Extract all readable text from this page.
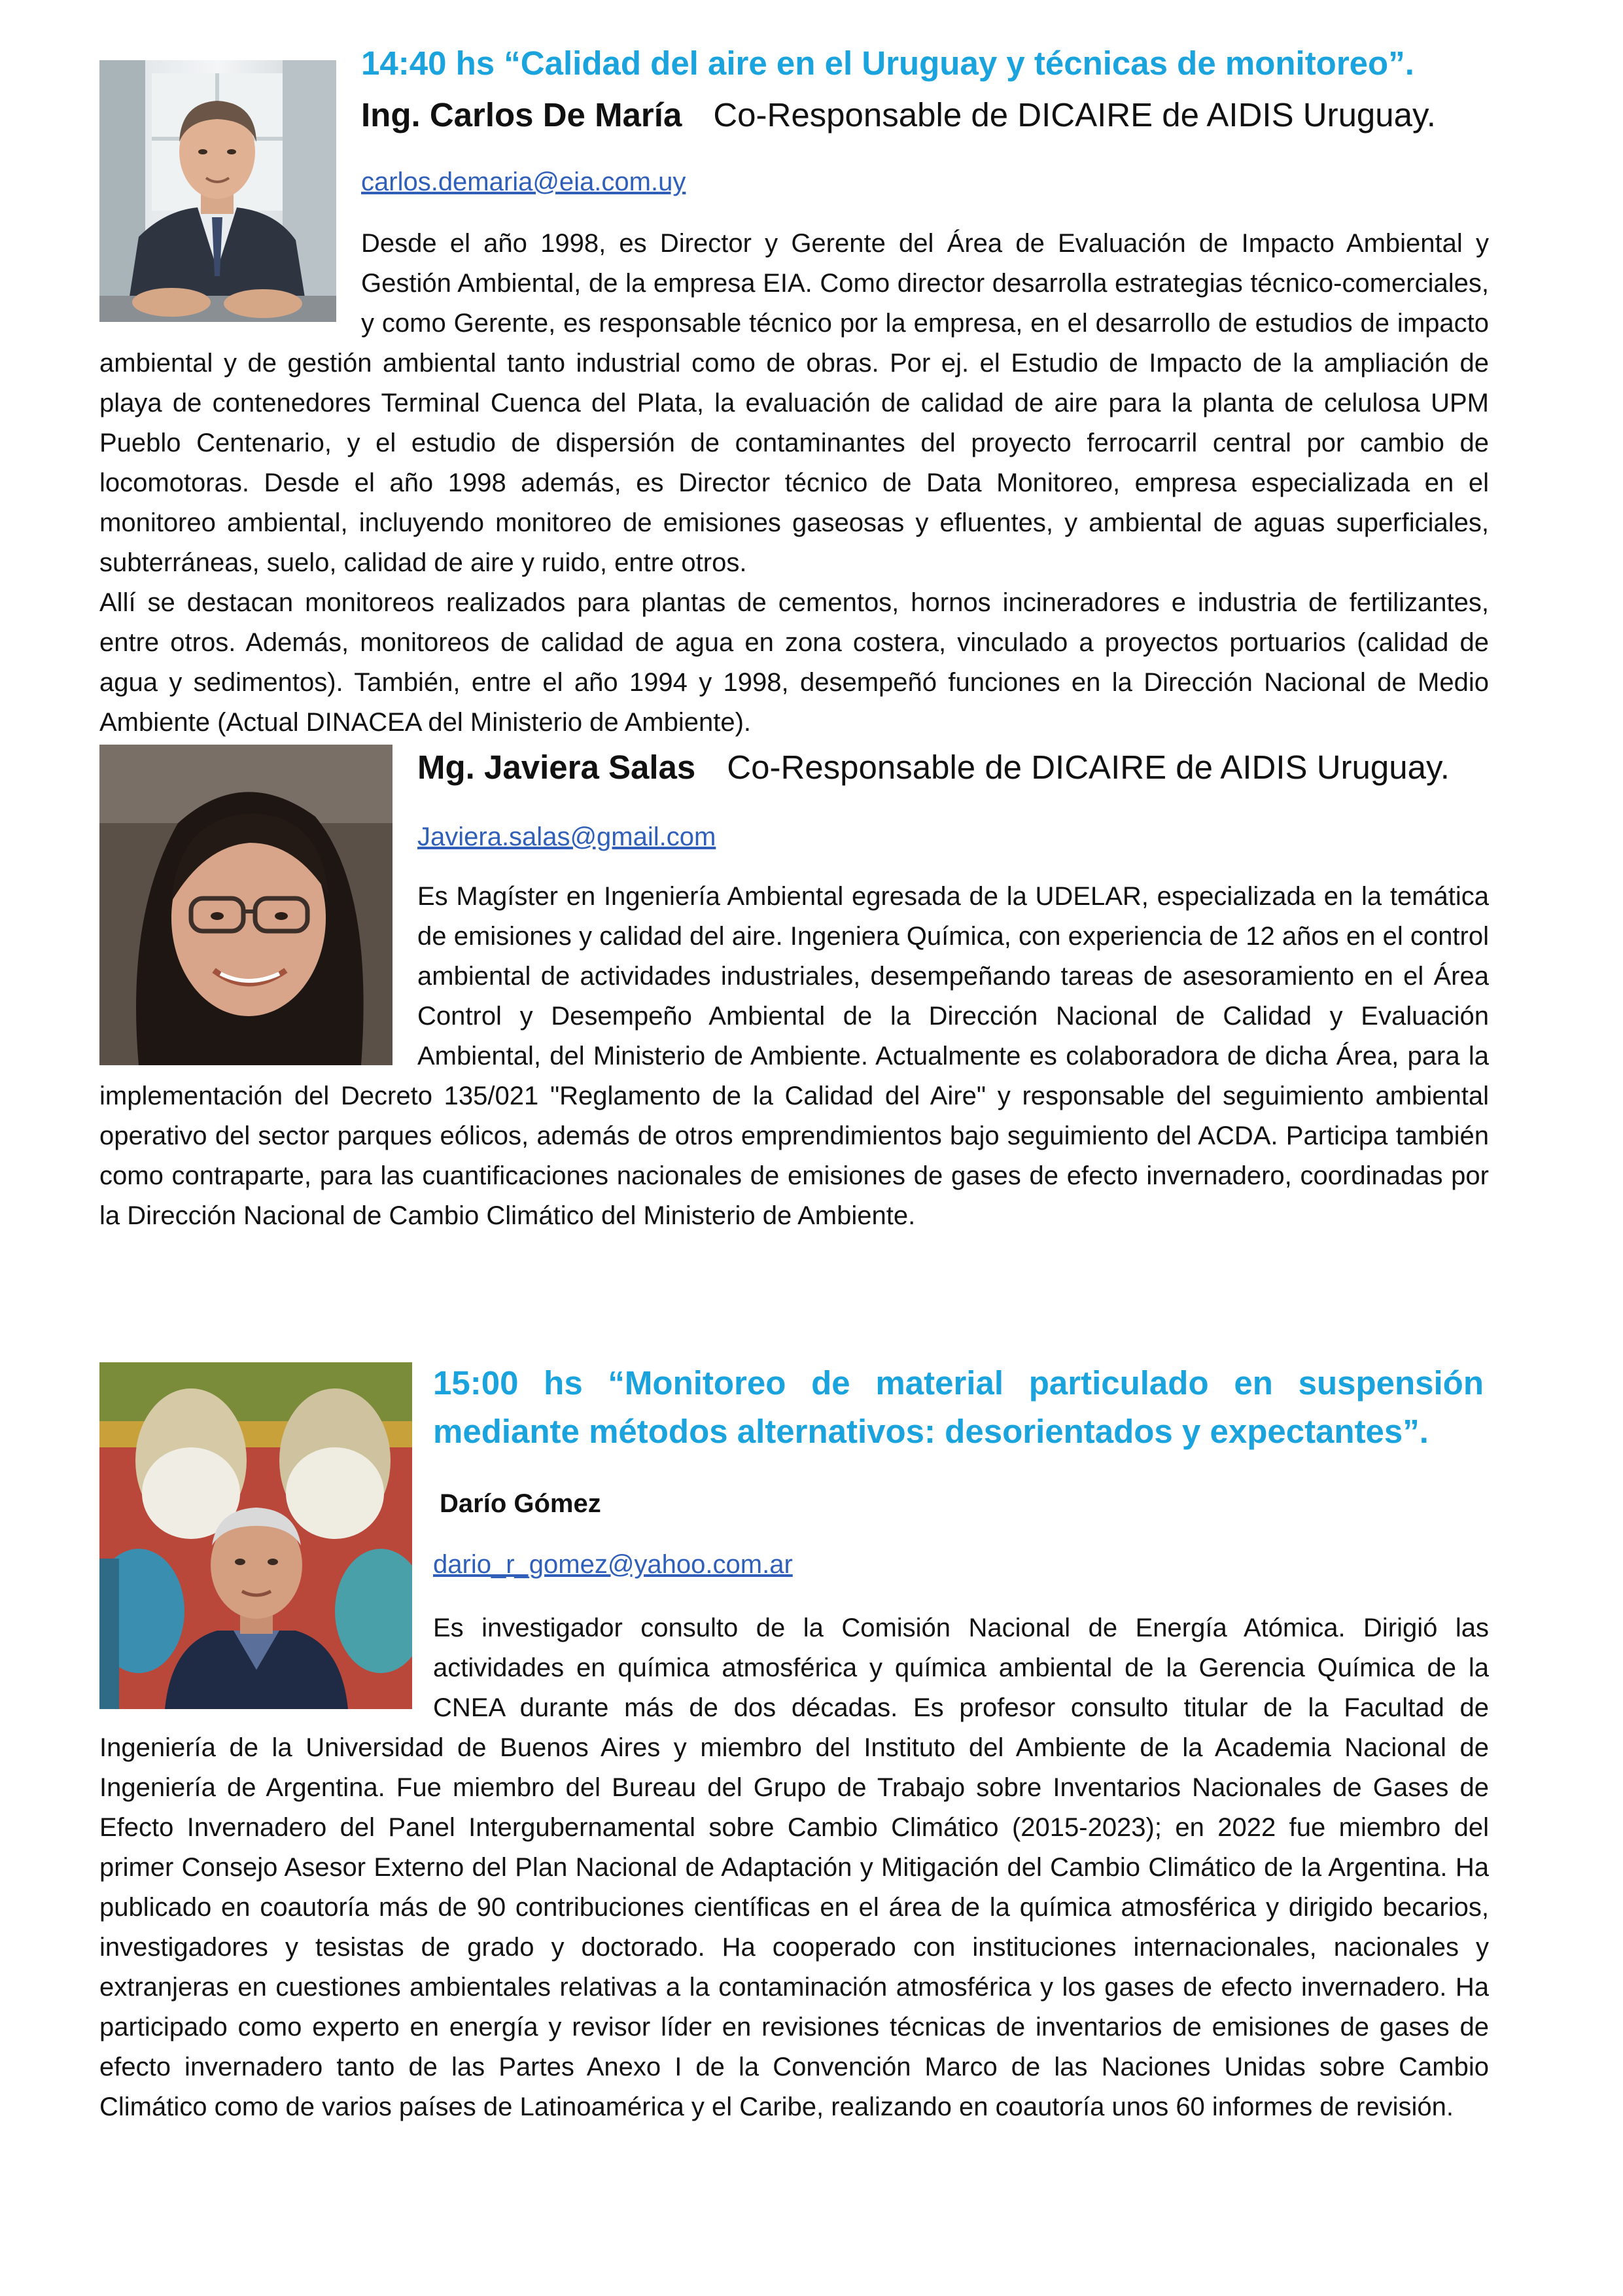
14:40 hs “Calidad del aire en el Uruguay y técnicas de monitoreo”.
Ing. Carlos De María Co-Responsable de DICAIRE de AIDIS Uruguay.
carlos.demaria@eia.com.uy

Desde el año 1998, es Director y Gerente del Área de Evaluación de Impacto Ambiental y Gestión Ambiental, de la empresa EIA. Como director desarrolla estrategias técnico-comerciales, y como Gerente, es responsable técnico por la empresa, en el desarrollo de estudios de impacto ambiental y de gestión ambiental tanto industrial como de obras. Por ej. el Estudio de Impacto de la ampliación de playa de contenedores Terminal Cuenca del Plata, la evaluación de calidad de aire para la planta de celulosa UPM Pueblo Centenario, y el estudio de dispersión de contaminantes del proyecto ferrocarril central por cambio de locomotoras. Desde el año 1998 además, es Director técnico de Data Monitoreo, empresa especializada en el monitoreo ambiental, incluyendo monitoreo de emisiones gaseosas y efluentes, y ambiental de aguas superficiales, subterráneas, suelo, calidad de aire y ruido, entre otros.

Allí se destacan monitoreos realizados para plantas de cementos, hornos incineradores e industria de fertilizantes, entre otros. Además, monitoreos de calidad de agua en zona costera, vinculado a proyectos portuarios (calidad de agua y sedimentos). También, entre el año 1994 y 1998, desempeñó funciones en la Dirección Nacional de Medio Ambiente (Actual DINACEA del Ministerio de Ambiente).

Mg. Javiera Salas Co-Responsable de DICAIRE de AIDIS Uruguay.
Javiera.salas@gmail.com

Es Magíster en Ingeniería Ambiental egresada de la UDELAR, especializada en la temática de emisiones y calidad del aire. Ingeniera Química, con experiencia de 12 años en el control ambiental de actividades industriales, desempeñando tareas de asesoramiento en el Área Control y Desempeño Ambiental de la Dirección Nacional de Calidad y Evaluación Ambiental, del Ministerio de Ambiente. Actualmente es colaboradora de dicha Área, para la implementación del Decreto 135/021 "Reglamento de la Calidad del Aire" y responsable del seguimiento ambiental operativo del sector parques eólicos, además de otros emprendimientos bajo seguimiento del ACDA. Participa también como contraparte, para las cuantificaciones nacionales de emisiones de gases de efecto invernadero, coordinadas por la Dirección Nacional de Cambio Climático del Ministerio de Ambiente.

15:00 hs “Monitoreo de material particulado en suspensión mediante métodos alternativos: desorientados y expectantes”.
Darío Gómez
dario_r_gomez@yahoo.com.ar

Es investigador consulto de la Comisión Nacional de Energía Atómica. Dirigió las actividades en química atmosférica y química ambiental de la Gerencia Química de la CNEA durante más de dos décadas. Es profesor consulto titular de la Facultad de Ingeniería de la Universidad de Buenos Aires y miembro del Instituto del Ambiente de la Academia Nacional de Ingeniería de Argentina. Fue miembro del Bureau del Grupo de Trabajo sobre Inventarios Nacionales de Gases de Efecto Invernadero del Panel Intergubernamental sobre Cambio Climático (2015-2023); en 2022 fue miembro del primer Consejo Asesor Externo del Plan Nacional de Adaptación y Mitigación del Cambio Climático de la Argentina. Ha publicado en coautoría más de 90 contribuciones científicas en el área de la química atmosférica y dirigido becarios, investigadores y tesistas de grado y doctorado. Ha cooperado con instituciones internacionales, nacionales y extranjeras en cuestiones ambientales relativas a la contaminación atmosférica y los gases de efecto invernadero. Ha participado como experto en energía y revisor líder en revisiones técnicas de inventarios de emisiones de gases de efecto invernadero tanto de las Partes Anexo I de la Convención Marco de las Naciones Unidas sobre Cambio Climático como de varios países de Latinoamérica y el Caribe, realizando en coautoría unos 60 informes de revisión.
